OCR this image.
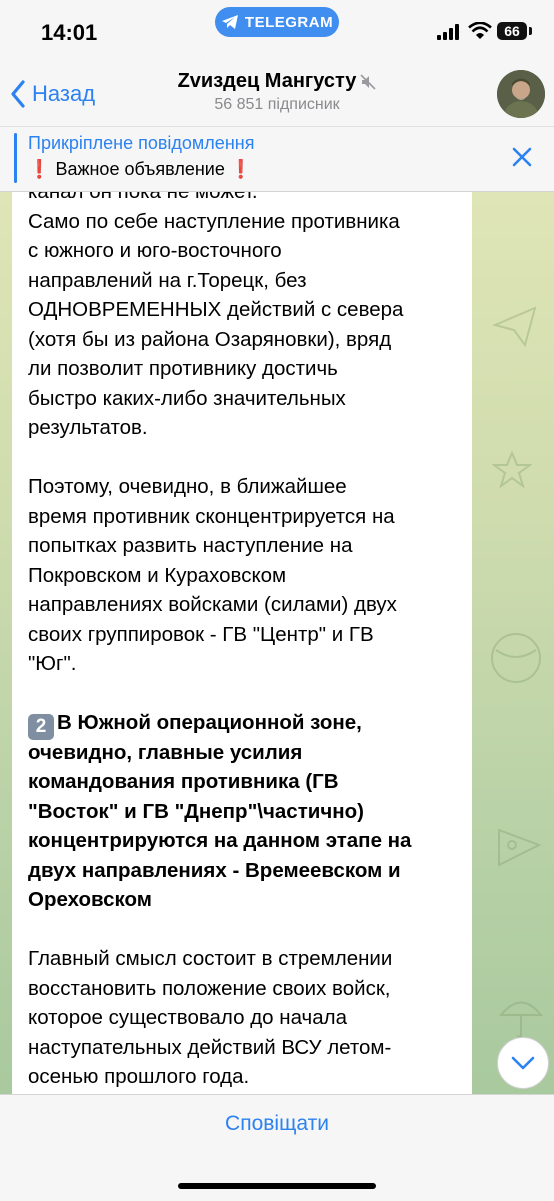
14:01	TELEGRAM
66
Назад	Zvиздец Мангусту
56 851 підписник
Само по себе наступление противника
с южного и юго-восточного
направлений на г.Торецк, без
ОДНОВРЕМЕННЫХ действий с севера
(хотя бы из района Озаряновки), вряд
ли позволит противнику достичь
быстро каких-либо значительных
результатов.
Поэтому, очевидно, в ближайшее
время противник сконцентрируется на
попытках развить наступление на
Покровском и Кураховском
направлениях войсками (силами) двух
своих группировок - ГВ "Центр" и ГВ
"Юг".
2 В Южной операционной зоне,
очевидно, главные усилия
командования противника (ГВ
"Восток" и ГВ "Днепр"\частично)
концентрируются на данном этапе на
двух направлениях - Времеевском и
Ореховском
Главный смысл состоит в стремлении
восстановить положение своих войск,
которое существовало до начала
наступательных действий ВСУ летом-
осенью прошлого года.
Прикріплене повідомлення
❗ Важное объявление ❗
Сповіщати
